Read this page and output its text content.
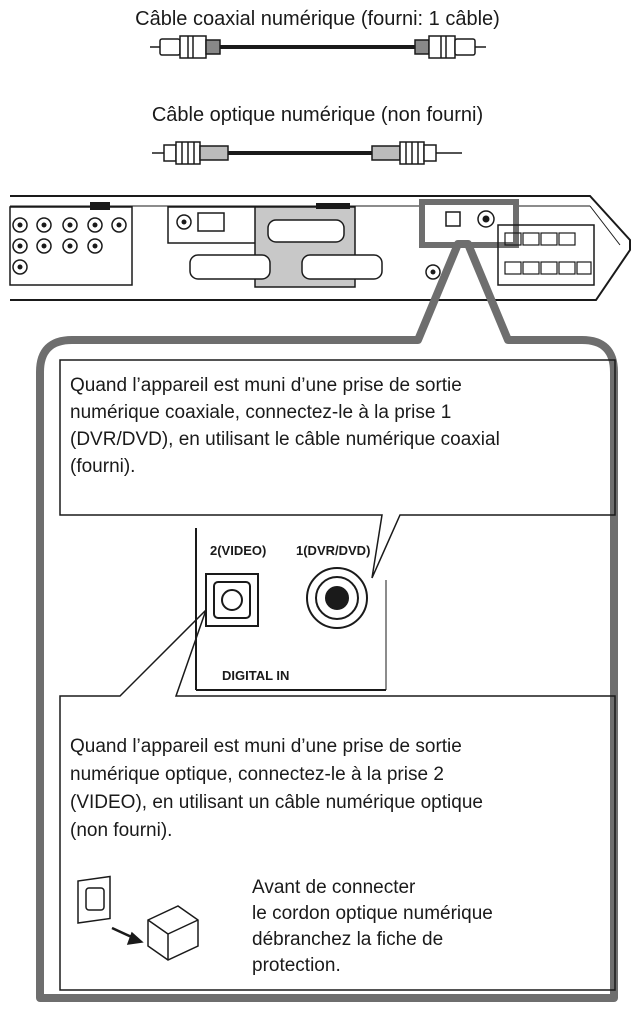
Câble coaxial numérique (fourni: 1 câble)
Câble optique numérique (non fourni)
Quand l’appareil est muni d’une prise de sortie
numérique coaxiale, connectez-le à la prise 1
(DVR/DVD), en utilisant le câble numérique coaxial
(fourni).
2(VIDEO) 1(DVR/DVD)
DIGITAL IN
Quand l’appareil est muni d’une prise de sortie
numérique optique, connectez-le à la prise 2
(VIDEO), en utilisant un câble numérique optique
(non fourni).
Avant de connecter
le cordon optique numérique
débranchez la fiche de
protection.
